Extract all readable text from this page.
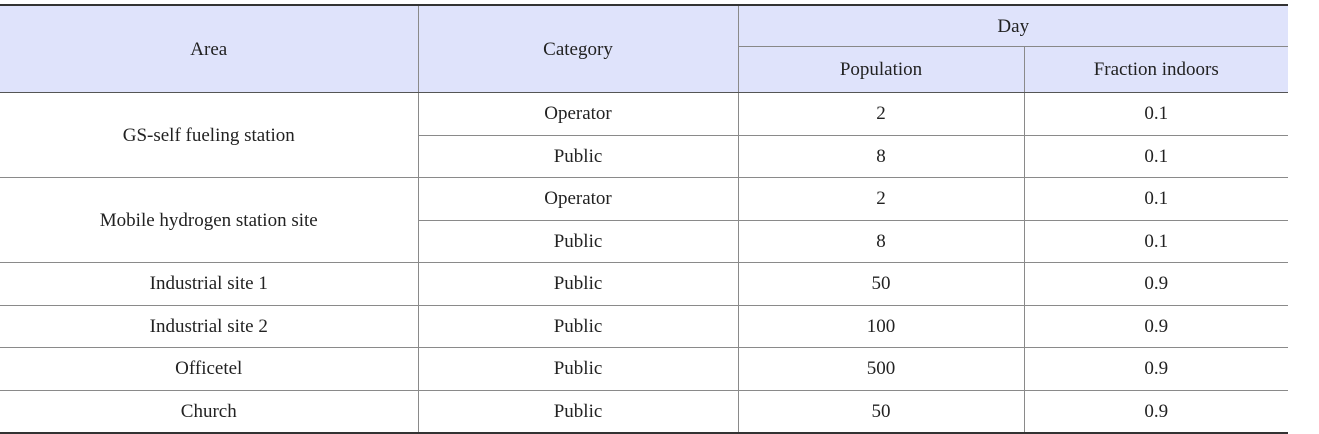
Area	Category	Day	
		Population	Fraction indoors
GS-self fueling station	Operator	2	0.1
	Public	8	0.1
Mobile hydrogen station site	Operator	2	0.1
	Public	8	0.1
Industrial site 1	Public	50	0.9
Industrial site 2	Public	100	0.9
Officetel	Public	500	0.9
Church	Public	50	0.9
